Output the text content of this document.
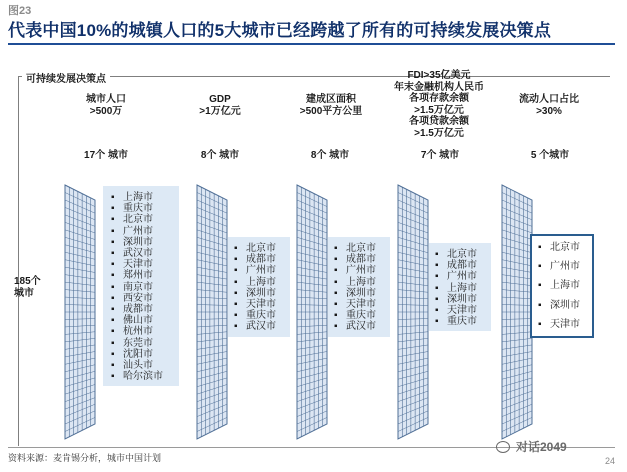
图23
代表中国10%的城镇人口的5大城市已经跨越了所有的可持续发展决策点
可持续发展决策点
城市人口
>500万
GDP
>1万亿元
建成区面积
>500平方公里
FDI>35亿美元
年末金融机构人民币
各项存款余额
>1.5万亿元
各项贷款余额
>1.5万亿元
流动人口占比
>30%
17个 城市	8个 城市	8个 城市	7个 城市	5 个城市
185个
城市
▪ 上海市
▪ 重庆市
▪ 北京市
▪ 广州市
▪ 深圳市
▪ 武汉市
▪ 天津市
▪ 郑州市
▪ 南京市
▪ 西安市
▪ 成都市
▪ 佛山市
▪ 杭州市
▪ 东莞市
▪ 沈阳市
▪ 汕头市
▪ 哈尔滨市
▪ 北京市
▪ 成都市
▪ 广州市
▪ 上海市
▪ 深圳市
▪ 天津市
▪ 重庆市
▪ 武汉市
▪ 北京市
▪ 成都市
▪ 广州市
▪ 上海市
▪ 深圳市
▪ 天津市
▪ 重庆市
▪ 武汉市
▪ 北京市
▪ 成都市
▪ 广州市
▪ 上海市
▪ 深圳市
▪ 天津市
▪ 重庆市
▪ 北京市
▪ 广州市
▪ 上海市
▪ 深圳市
▪ 天津市
资料来源：麦肯锡分析，城市中国计划
对话2049
24
